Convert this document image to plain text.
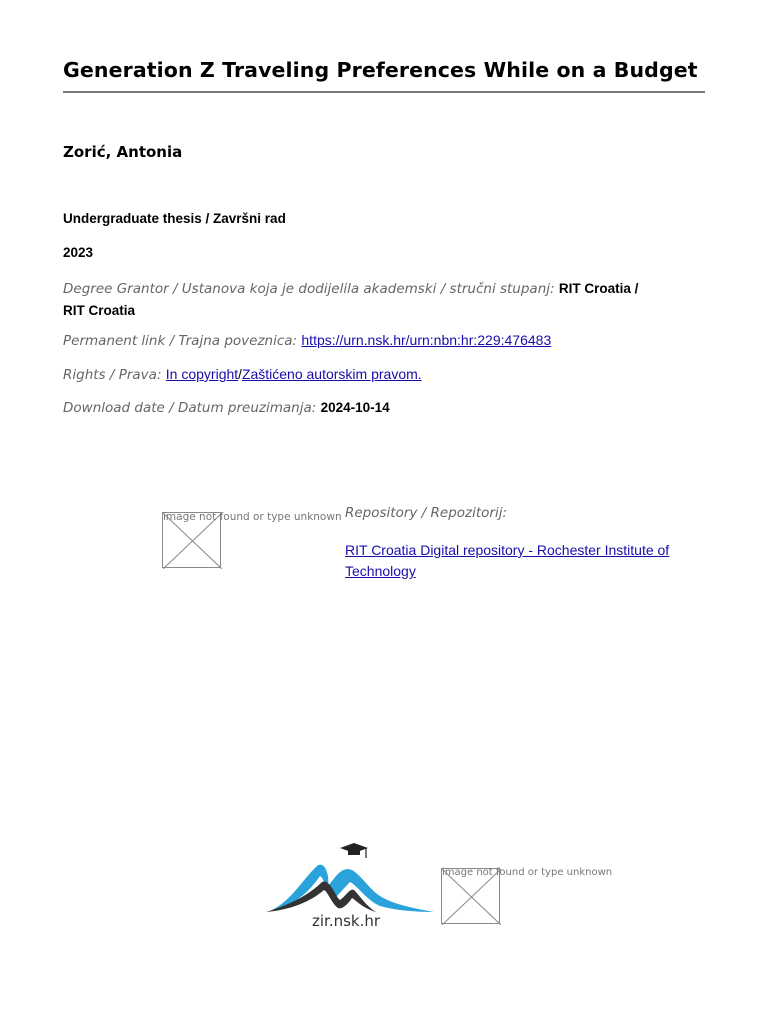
Generation Z Traveling Preferences While on a Budget
Zorić, Antonia
Undergraduate thesis / Završni rad
2023
Degree Grantor / Ustanova koja je dodijelila akademski / stručni stupanj: RIT Croatia /
RIT Croatia
Permanent link / Trajna poveznica: https://urn.nsk.hr/urn:nbn:hr:229:476483
Rights / Prava: In copyright/Zaštićeno autorskim pravom.
Download date / Datum preuzimanja: 2024-10-14
image not found or type unknown Repository / Repozitorij:
RIT Croatia Digital repository - Rochester Institute of Technology
zir.nsk.hr
image not found or type unknown
